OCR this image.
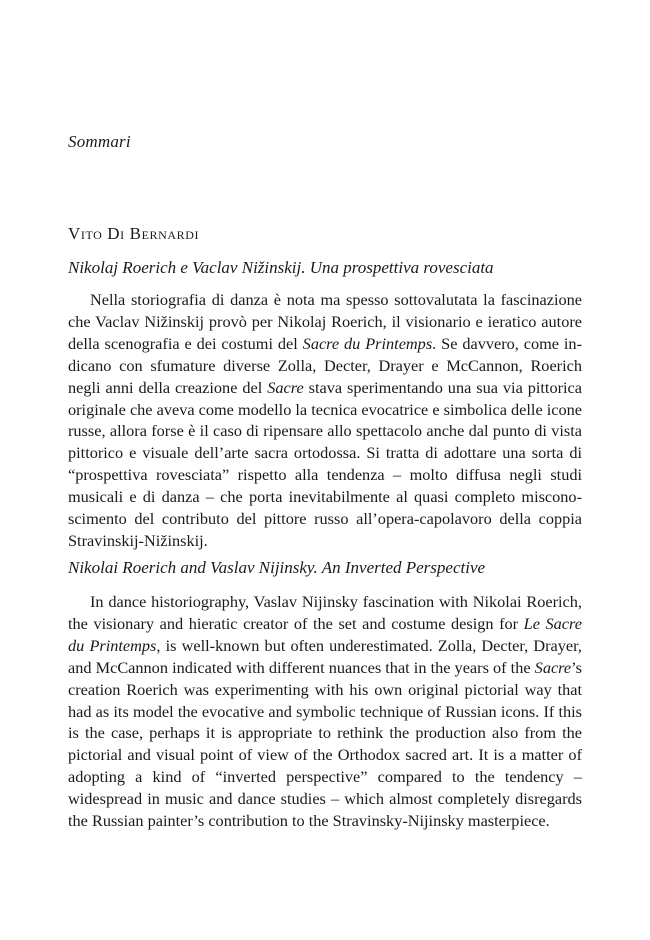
Sommari
Vito Di Bernardi
Nikolaj Roerich e Vaclav Nižinskij. Una prospettiva rovesciata

Nella storiografia di danza è nota ma spesso sottovalutata la fascinazione che Vaclav Nižinskij provò per Nikolaj Roerich, il visionario e ieratico autore della scenografia e dei costumi del Sacre du Printemps. Se davvero, come indicano con sfumature diverse Zolla, Decter, Drayer e McCannon, Roerich negli anni della creazione del Sacre stava sperimentando una sua via pittorica originale che aveva come modello la tecnica evocatrice e simbolica delle icone russe, allora forse è il caso di ripensare allo spettacolo anche dal punto di vista pittorico e visuale dell’arte sacra ortodossa. Si tratta di adottare una sorta di “prospettiva rovesciata” rispetto alla tendenza – molto diffusa negli studi musicali e di danza – che porta inevitabilmente al quasi completo misconoscimento del contributo del pittore russo all’opera-capolavoro della coppia Stravinskij-Nižinskij.

Nikolai Roerich and Vaslav Nijinsky. An Inverted Perspective

In dance historiography, Vaslav Nijinsky fascination with Nikolai Roerich, the visionary and hieratic creator of the set and costume design for Le Sacre du Printemps, is well-known but often underestimated. Zolla, Decter, Drayer, and McCannon indicated with different nuances that in the years of the Sacre’s creation Roerich was experimenting with his own original pictorial way that had as its model the evocative and symbolic technique of Russian icons. If this is the case, perhaps it is appropriate to rethink the production also from the pictorial and visual point of view of the Orthodox sacred art. It is a matter of adopting a kind of “inverted perspective” compared to the tendency – widespread in music and dance studies – which almost completely disregards the Russian painter’s contribution to the Stravinsky-Nijinsky masterpiece.
